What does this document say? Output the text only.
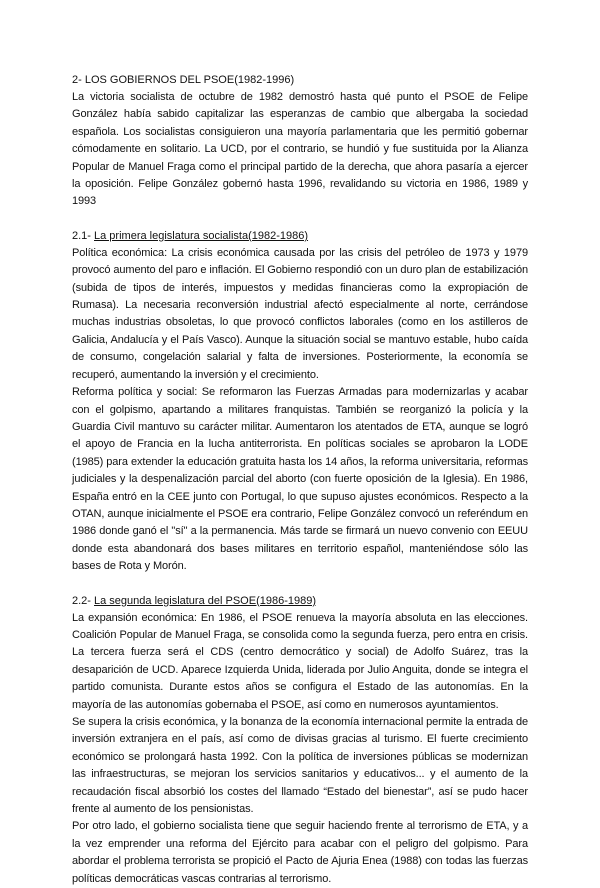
2- LOS GOBIERNOS DEL PSOE(1982-1996)

La victoria socialista de octubre de 1982 demostró hasta qué punto el PSOE de Felipe González había sabido capitalizar las esperanzas de cambio que albergaba la sociedad española. Los socialistas consiguieron una mayoría parlamentaria que les permitió gobernar cómodamente en solitario. La UCD, por el contrario, se hundió y fue sustituida por la Alianza Popular de Manuel Fraga como el principal partido de la derecha, que ahora pasaría a ejercer la oposición. Felipe González gobernó hasta 1996, revalidando su victoria en 1986, 1989 y 1993

2.1- La primera legislatura socialista(1982-1986)

Política económica: La crisis económica causada por las crisis del petróleo de 1973 y 1979 provocó aumento del paro e inflación. El Gobierno respondió con un duro plan de estabilización (subida de tipos de interés, impuestos y medidas financieras como la expropiación de Rumasa). La necesaria reconversión industrial afectó especialmente al norte, cerrándose muchas industrias obsoletas, lo que provocó conflictos laborales (como en los astilleros de Galicia, Andalucía y el País Vasco). Aunque la situación social se mantuvo estable, hubo caída de consumo, congelación salarial y falta de inversiones. Posteriormente, la economía se recuperó, aumentando la inversión y el crecimiento.

Reforma política y social: Se reformaron las Fuerzas Armadas para modernizarlas y acabar con el golpismo, apartando a militares franquistas. También se reorganizó la policía y la Guardia Civil mantuvo su carácter militar. Aumentaron los atentados de ETA, aunque se logró el apoyo de Francia en la lucha antiterrorista. En políticas sociales se aprobaron la LODE (1985) para extender la educación gratuita hasta los 14 años, la reforma universitaria, reformas judiciales y la despenalización parcial del aborto (con fuerte oposición de la Iglesia). En 1986, España entró en la CEE junto con Portugal, lo que supuso ajustes económicos. Respecto a la OTAN, aunque inicialmente el PSOE era contrario, Felipe González convocó un referéndum en 1986 donde ganó el "sí" a la permanencia. Más tarde se firmará un nuevo convenio con EEUU donde esta abandonará dos bases militares en territorio español, manteniéndose sólo las bases de Rota y Morón.

2.2- La segunda legislatura del PSOE(1986-1989)

La expansión económica: En 1986, el PSOE renueva la mayoría absoluta en las elecciones. Coalición Popular de Manuel Fraga, se consolida como la segunda fuerza, pero entra en crisis. La tercera fuerza será el CDS (centro democrático y social) de Adolfo Suárez, tras la desaparición de UCD. Aparece Izquierda Unida, liderada por Julio Anguita, donde se integra el partido comunista. Durante estos años se configura el Estado de las autonomías. En la mayoría de las autonomías gobernaba el PSOE, así como en numerosos ayuntamientos.

Se supera la crisis económica, y la bonanza de la economía internacional permite la entrada de inversión extranjera en el país, así como de divisas gracias al turismo. El fuerte crecimiento económico se prolongará hasta 1992. Con la política de inversiones públicas se modernizan las infraestructuras, se mejoran los servicios sanitarios y educativos... y el aumento de la recaudación fiscal absorbió los costes del llamado “Estado del bienestar”, así se pudo hacer frente al aumento de los pensionistas.

Por otro lado, el gobierno socialista tiene que seguir haciendo frente al terrorismo de ETA, y a la vez emprender una reforma del Ejército para acabar con el peligro del golpismo. Para abordar el problema terrorista se propició el Pacto de Ajuria Enea (1988) con todas las fuerzas políticas democráticas vascas contrarias al terrorismo.
